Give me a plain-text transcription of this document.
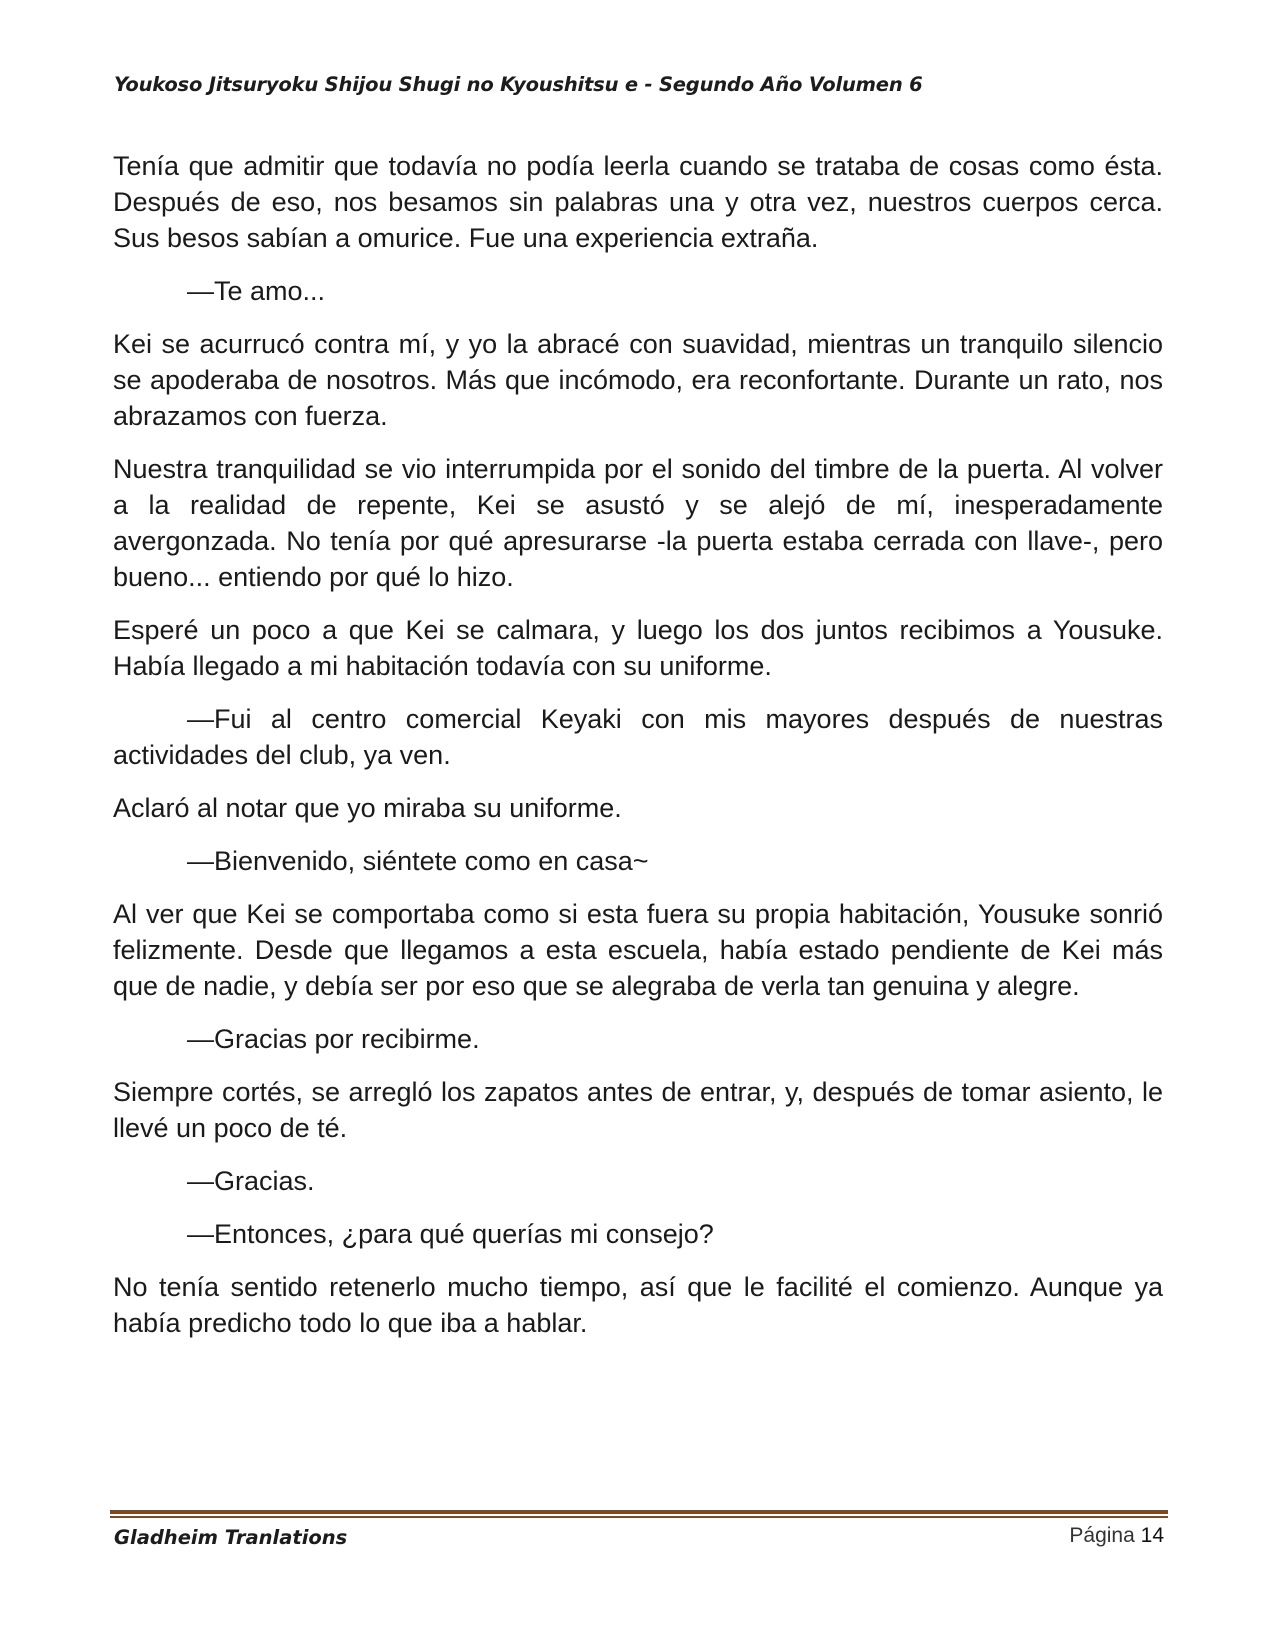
Youkoso Jitsuryoku Shijou Shugi no Kyoushitsu e - Segundo Año Volumen 6

Tenía que admitir que todavía no podía leerla cuando se trataba de cosas como ésta. Después de eso, nos besamos sin palabras una y otra vez, nuestros cuerpos cerca. Sus besos sabían a omurice. Fue una experiencia extraña.

—Te amo...

Kei se acurrucó contra mí, y yo la abracé con suavidad, mientras un tranquilo silencio se apoderaba de nosotros. Más que incómodo, era reconfortante. Durante un rato, nos abrazamos con fuerza.

Nuestra tranquilidad se vio interrumpida por el sonido del timbre de la puerta. Al volver a la realidad de repente, Kei se asustó y se alejó de mí, inesperadamente avergonzada. No tenía por qué apresurarse -la puerta estaba cerrada con llave-, pero bueno... entiendo por qué lo hizo.

Esperé un poco a que Kei se calmara, y luego los dos juntos recibimos a Yousuke. Había llegado a mi habitación todavía con su uniforme.

—Fui al centro comercial Keyaki con mis mayores después de nuestras actividades del club, ya ven.

Aclaró al notar que yo miraba su uniforme.

—Bienvenido, siéntete como en casa~

Al ver que Kei se comportaba como si esta fuera su propia habitación, Yousuke sonrió felizmente. Desde que llegamos a esta escuela, había estado pendiente de Kei más que de nadie, y debía ser por eso que se alegraba de verla tan genuina y alegre.

—Gracias por recibirme.

Siempre cortés, se arregló los zapatos antes de entrar, y, después de tomar asiento, le llevé un poco de té.

—Gracias.

—Entonces, ¿para qué querías mi consejo?

No tenía sentido retenerlo mucho tiempo, así que le facilité el comienzo. Aunque ya había predicho todo lo que iba a hablar.

Gladheim Tranlations	Página 14
